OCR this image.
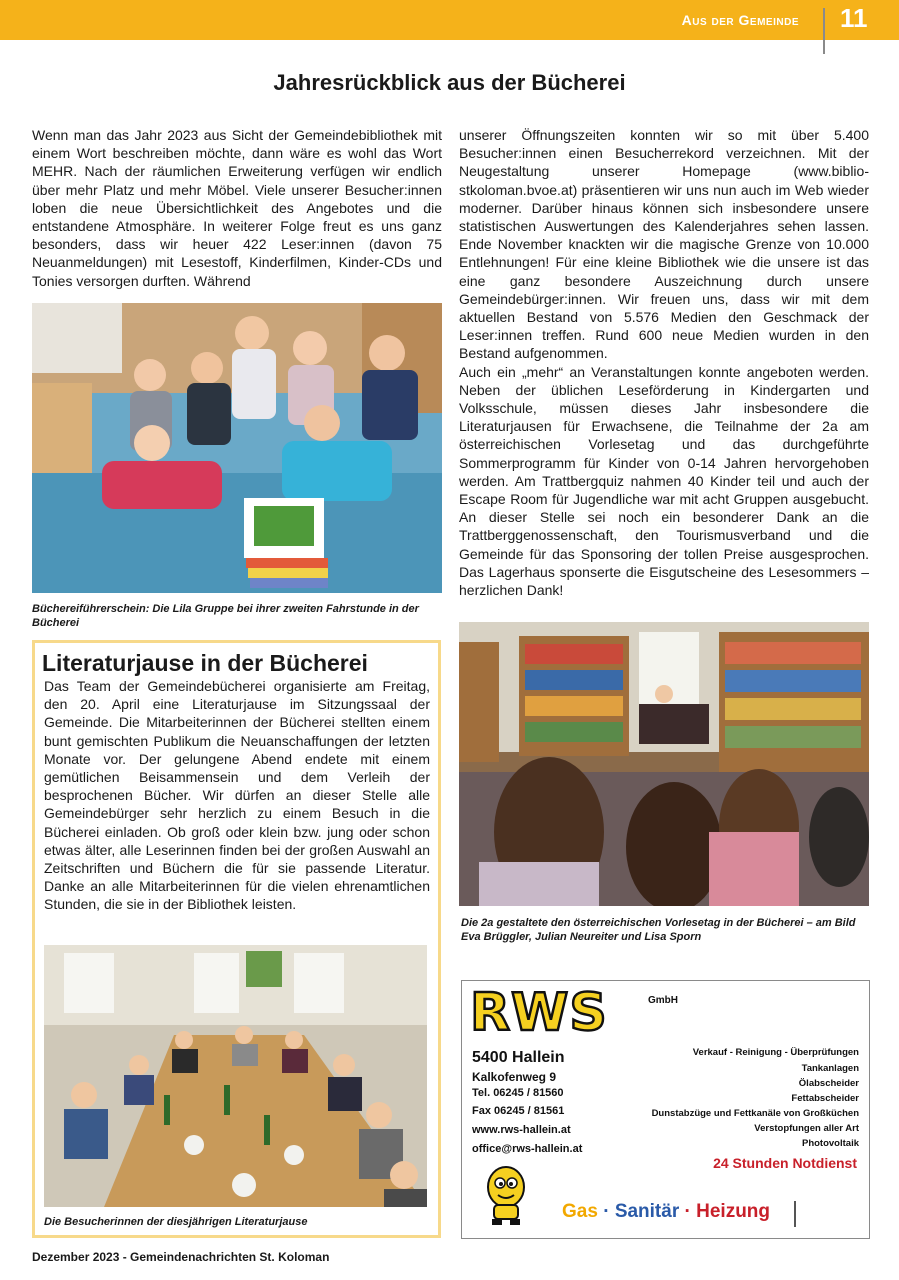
Aus der Gemeinde 11
Jahresrückblick aus der Bücherei
Wenn man das Jahr 2023 aus Sicht der Gemeindebibliothek mit einem Wort beschreiben möchte, dann wäre es wohl das Wort MEHR. Nach der räumlichen Erweiterung verfügen wir endlich über mehr Platz und mehr Möbel. Viele unserer Besucher:innen loben die neue Übersichtlichkeit des Angebotes und die entstandene Atmosphäre. In weiterer Folge freut es uns ganz besonders, dass wir heuer 422 Leser:innen (davon 75 Neuanmeldungen) mit Lesestoff, Kinderfilmen, Kinder-CDs und Tonies versorgen durften. Während
Büchereiführerschein: Die Lila Gruppe bei ihrer zweiten Fahrstunde in der Bücherei

unserer Öffnungszeiten konnten wir so mit über 5.400 Besucher:innen einen Besucherrekord verzeichnen. Mit der Neugestaltung unserer Homepage (www.biblio-stkoloman.bvoe.at) präsentieren wir uns nun auch im Web wieder moderner. Darüber hinaus können sich insbesondere unsere statistischen Auswertungen des Kalenderjahres sehen lassen. Ende November knackten wir die magische Grenze von 10.000 Entlehnungen! Für eine kleine Bibliothek wie die unsere ist das eine ganz besondere Auszeichnung durch unsere Gemeindebürger:innen. Wir freuen uns, dass wir mit dem aktuellen Bestand von 5.576 Medien den Geschmack der Leser:innen treffen. Rund 600 neue Medien wurden in den Bestand aufgenommen.

Auch ein „mehr“ an Veranstaltungen konnte angeboten werden. Neben der üblichen Leseförderung in Kindergarten und Volksschule, müssen dieses Jahr insbesondere die Literaturjausen für Erwachsene, die Teilnahme der 2a am österreichischen Vorlesetag und das durchgeführte Sommerprogramm für Kinder von 0-14 Jahren hervorgehoben werden. Am Trattbergquiz nahmen 40 Kinder teil und auch der Escape Room für Jugendliche war mit acht Gruppen ausgebucht. An dieser Stelle sei noch ein besonderer Dank an die Trattberggenossenschaft, den Tourismusverband und die Gemeinde für das Sponsoring der tollen Preise ausgesprochen. Das Lagerhaus sponserte die Eisgutscheine des Lesesommers – herzlichen Dank!

Die 2a gestaltete den österreichischen Vorlesetag in der Bücherei – am Bild Eva Brüggler, Julian Neureiter und Lisa Sporn
Literaturjause in der Bücherei
Das Team der Gemeindebücherei organisierte am Freitag, den 20. April eine Literaturjause im Sitzungssaal der Gemeinde. Die Mitarbeiterinnen der Bücherei stellten einem bunt gemischten Publikum die Neuanschaffungen der letzten Monate vor. Der gelungene Abend endete mit einem gemütlichen Beisammensein und dem Verleih der besprochenen Bücher. Wir dürfen an dieser Stelle alle Gemeindebürger sehr herzlich zu einem Besuch in die Bücherei einladen. Ob groß oder klein bzw. jung oder schon etwas älter, alle Leserinnen finden bei der großen Auswahl an Zeitschriften und Büchern die für sie passende Literatur. Danke an alle Mitarbeiterinnen für die vielen ehrenamtlichen Stunden, die sie in der Bibliothek leisten.
Die Besucherinnen der diesjährigen Literaturjause
RWS	GmbH
5400 Hallein
Kalkofenweg 9
Tel. 06245 / 81560
Fax 06245 / 81561
www.rws-hallein.at
office@rws-hallein.at
Verkauf - Reinigung - Überprüfungen
Tankanlagen
Ölabscheider
Fettabscheider
Dunstabzüge und Fettkanäle von Großküchen
Verstopfungen aller Art
Photovoltaik
24 Stunden Notdienst
Gas · Sanitär · Heizung
Dezember 2023 - Gemeindenachrichten St. Koloman
